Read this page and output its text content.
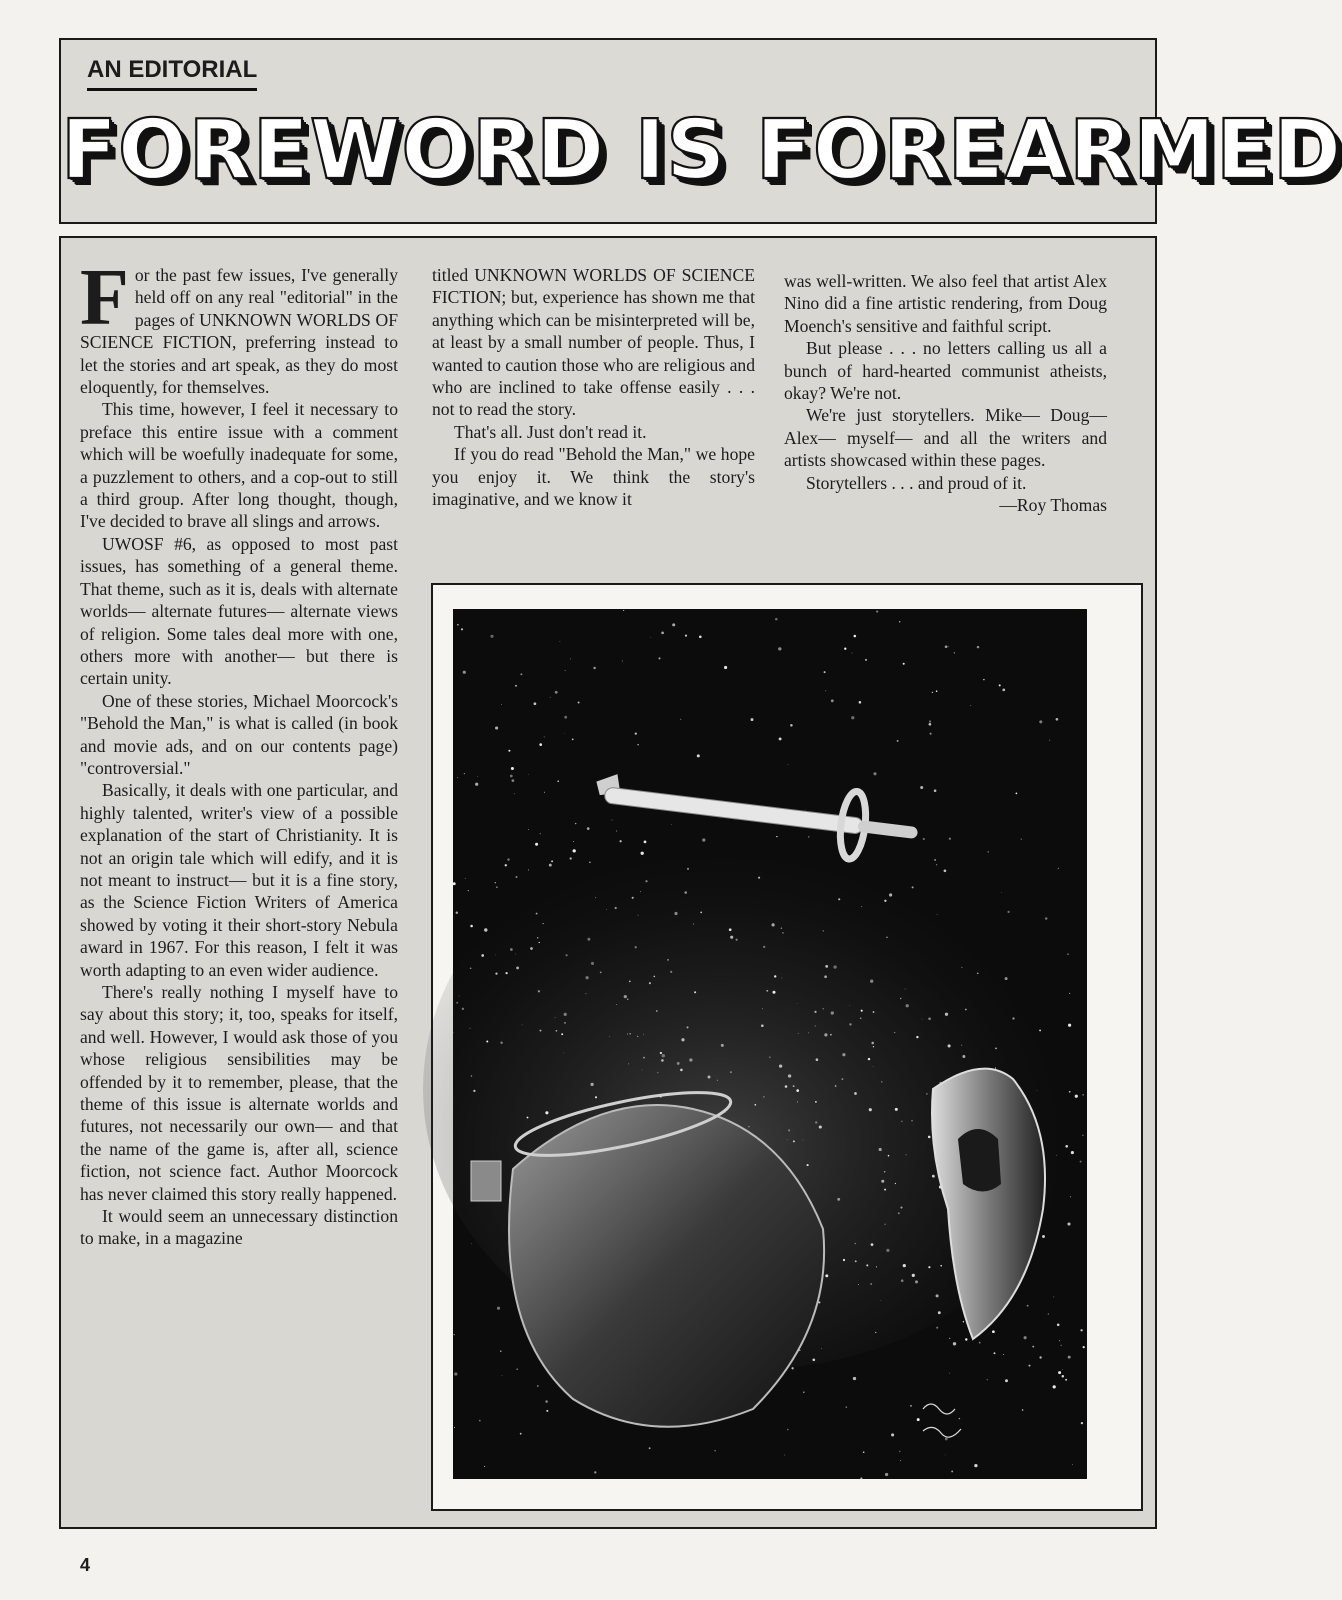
AN EDITORIAL
FOREWORD IS FOREARMED

For the past few issues, I've generally held off on any real "editorial" in the pages of UNKNOWN WORLDS OF SCIENCE FICTION, preferring instead to let the stories and art speak, as they do most eloquently, for themselves.

This time, however, I feel it necessary to preface this entire issue with a comment which will be woefully inadequate for some, a puzzlement to others, and a cop-out to still a third group. After long thought, though, I've decided to brave all slings and arrows.

UWOSF #6, as opposed to most past issues, has something of a general theme. That theme, such as it is, deals with alternate worlds— alternate futures— alternate views of religion. Some tales deal more with one, others more with another— but there is certain unity.

One of these stories, Michael Moorcock's "Behold the Man," is what is called (in book and movie ads, and on our contents page) "controversial."

Basically, it deals with one particular, and highly talented, writer's view of a possible explanation of the start of Christianity. It is not an origin tale which will edify, and it is not meant to instruct— but it is a fine story, as the Science Fiction Writers of America showed by voting it their short-story Nebula award in 1967. For this reason, I felt it was worth adapting to an even wider audience.

There's really nothing I myself have to say about this story; it, too, speaks for itself, and well. However, I would ask those of you whose religious sensibilities may be offended by it to remember, please, that the theme of this issue is alternate worlds and futures, not necessarily our own— and that the name of the game is, after all, science fiction, not science fact. Author Moorcock has never claimed this story really happened.

It would seem an unnecessary distinction to make, in a magazine

titled UNKNOWN WORLDS OF SCIENCE FICTION; but, experience has shown me that anything which can be misinterpreted will be, at least by a small number of people. Thus, I wanted to caution those who are religious and who are inclined to take offense easily . . . not to read the story.

That's all. Just don't read it.

If you do read "Behold the Man," we hope you enjoy it. We think the story's imaginative, and we know it

was well-written. We also feel that artist Alex Nino did a fine artistic rendering, from Doug Moench's sensitive and faithful script.

But please . . . no letters calling us all a bunch of hard-hearted communist atheists, okay? We're not.

We're just storytellers. Mike— Doug— Alex— myself— and all the writers and artists showcased within these pages.

Storytellers . . . and proud of it.

—Roy Thomas

4
